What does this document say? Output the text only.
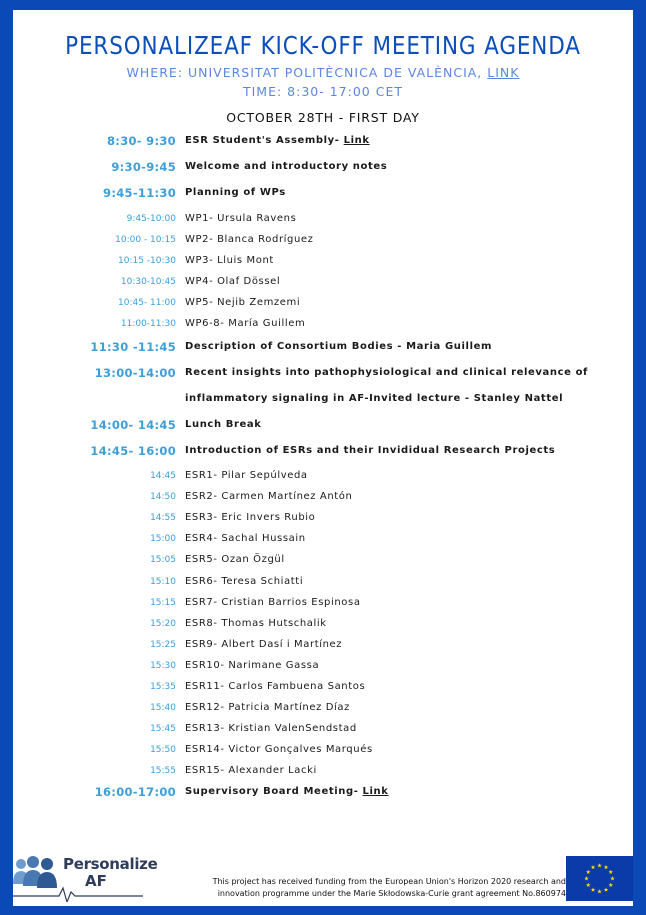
PERSONALIZEAF KICK-OFF MEETING AGENDA
WHERE: UNIVERSITAT POLITÈCNICA DE VALÈNCIA, LINK
TIME: 8:30- 17:00 CET
OCTOBER 28TH - FIRST DAY
8:30- 9:30 ESR Student's Assembly- Link
9:30-9:45 Welcome and introductory notes
9:45-11:30 Planning of WPs
9:45-10:00 WP1- Ursula Ravens
10:00 - 10:15 WP2- Blanca Rodríguez
10:15 -10:30 WP3- Lluis Mont
10:30-10:45 WP4- Olaf Dössel
10:45- 11:00 WP5- Nejib Zemzemi
11:00-11:30 WP6-8- María Guillem
11:30 -11:45 Description of Consortium Bodies - Maria Guillem
13:00-14:00 Recent insights into pathophysiological and clinical relevance of
inflammatory signaling in AF-Invited lecture - Stanley Nattel
14:00- 14:45 Lunch Break
14:45- 16:00 Introduction of ESRs and their Invididual Research Projects
14:45 ESR1- Pilar Sepúlveda
14:50 ESR2- Carmen Martínez Antón
14:55 ESR3- Eric Invers Rubio
15:00 ESR4- Sachal Hussain
15:05 ESR5- Ozan Özgül
15:10 ESR6- Teresa Schiatti
15:15 ESR7- Cristian Barrios Espinosa
15:20 ESR8- Thomas Hutschalik
15:25 ESR9- Albert Dasí i Martínez
15:30 ESR10- Narimane Gassa
15:35 ESR11- Carlos Fambuena Santos
15:40 ESR12- Patricia Martínez Díaz
15:45 ESR13- Kristian ValenSendstad
15:50 ESR14- Victor Gonçalves Marqués
15:55 ESR15- Alexander Lacki
16:00-17:00 Supervisory Board Meeting- Link
Personalize
AF	This project has received funding from the European Union's Horizon 2020 research and
innovation programme under the Marie Skłodowska-Curie grant agreement No.860974
